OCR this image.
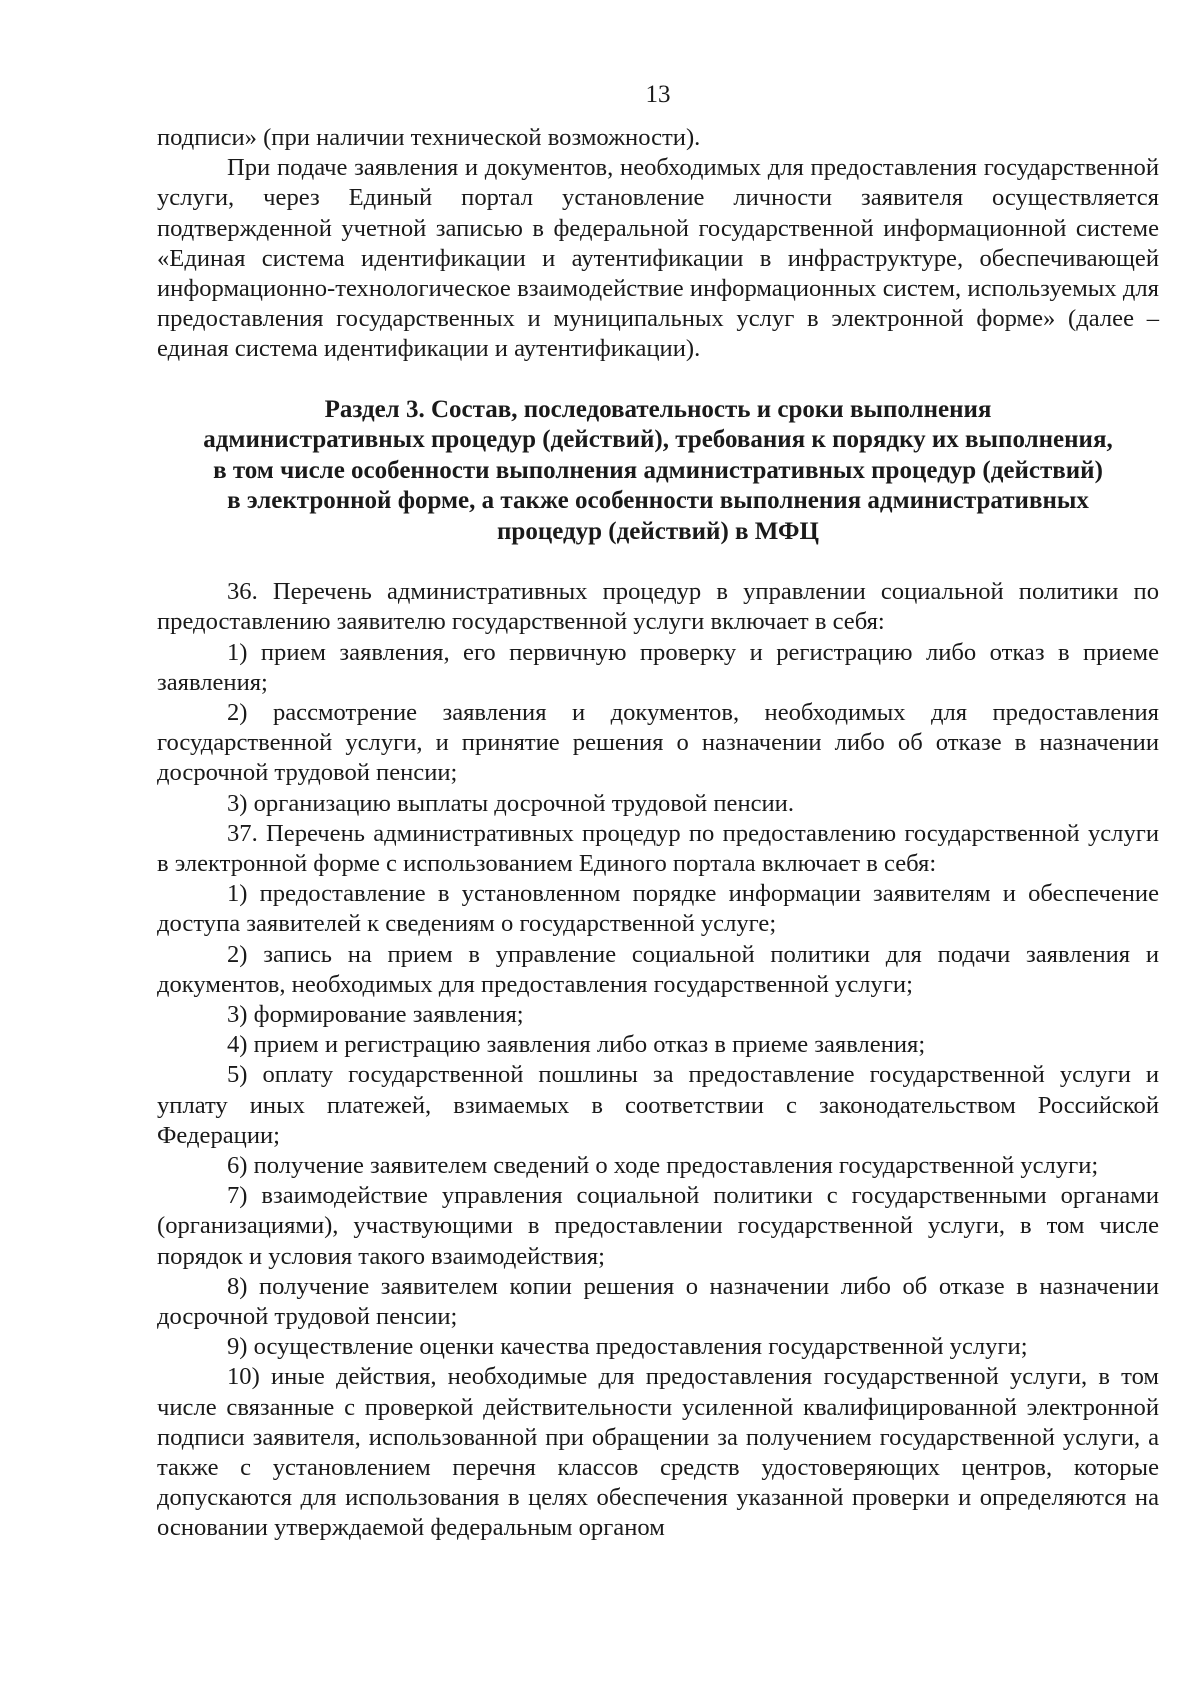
13

подписи» (при наличии технической возможности).

При подаче заявления и документов, необходимых для предоставления государственной услуги, через Единый портал установление личности заявителя осуществляется подтвержденной учетной записью в федеральной государственной информационной системе «Единая система идентификации и аутентификации в инфраструктуре, обеспечивающей информационно-технологическое взаимодействие информационных систем, используемых для предоставления государственных и муниципальных услуг в электронной форме» (далее – единая система идентификации и аутентификации).

Раздел 3. Состав, последовательность и сроки выполнения
административных процедур (действий), требования к порядку их выполнения,
в том числе особенности выполнения административных процедур (действий)
в электронной форме, а также особенности выполнения административных
процедур (действий) в МФЦ

36. Перечень административных процедур в управлении социальной политики по предоставлению заявителю государственной услуги включает в себя:

1) прием заявления, его первичную проверку и регистрацию либо отказ в приеме заявления;

2) рассмотрение заявления и документов, необходимых для предоставления государственной услуги, и принятие решения о назначении либо об отказе в назначении досрочной трудовой пенсии;

3) организацию выплаты досрочной трудовой пенсии.

37. Перечень административных процедур по предоставлению государственной услуги в электронной форме с использованием Единого портала включает в себя:

1) предоставление в установленном порядке информации заявителям и обеспечение доступа заявителей к сведениям о государственной услуге;

2) запись на прием в управление социальной политики для подачи заявления и документов, необходимых для предоставления государственной услуги;

3) формирование заявления;

4) прием и регистрацию заявления либо отказ в приеме заявления;

5) оплату государственной пошлины за предоставление государственной услуги и уплату иных платежей, взимаемых в соответствии с законодательством Российской Федерации;

6) получение заявителем сведений о ходе предоставления государственной услуги;

7) взаимодействие управления социальной политики с государственными органами (организациями), участвующими в предоставлении государственной услуги, в том числе порядок и условия такого взаимодействия;

8) получение заявителем копии решения о назначении либо об отказе в назначении досрочной трудовой пенсии;

9) осуществление оценки качества предоставления государственной услуги;

10) иные действия, необходимые для предоставления государственной услуги, в том числе связанные с проверкой действительности усиленной квалифицированной электронной подписи заявителя, использованной при обращении за получением государственной услуги, а также с установлением перечня классов средств удостоверяющих центров, которые допускаются для использования в целях обеспечения указанной проверки и определяются на основании утверждаемой федеральным органом
